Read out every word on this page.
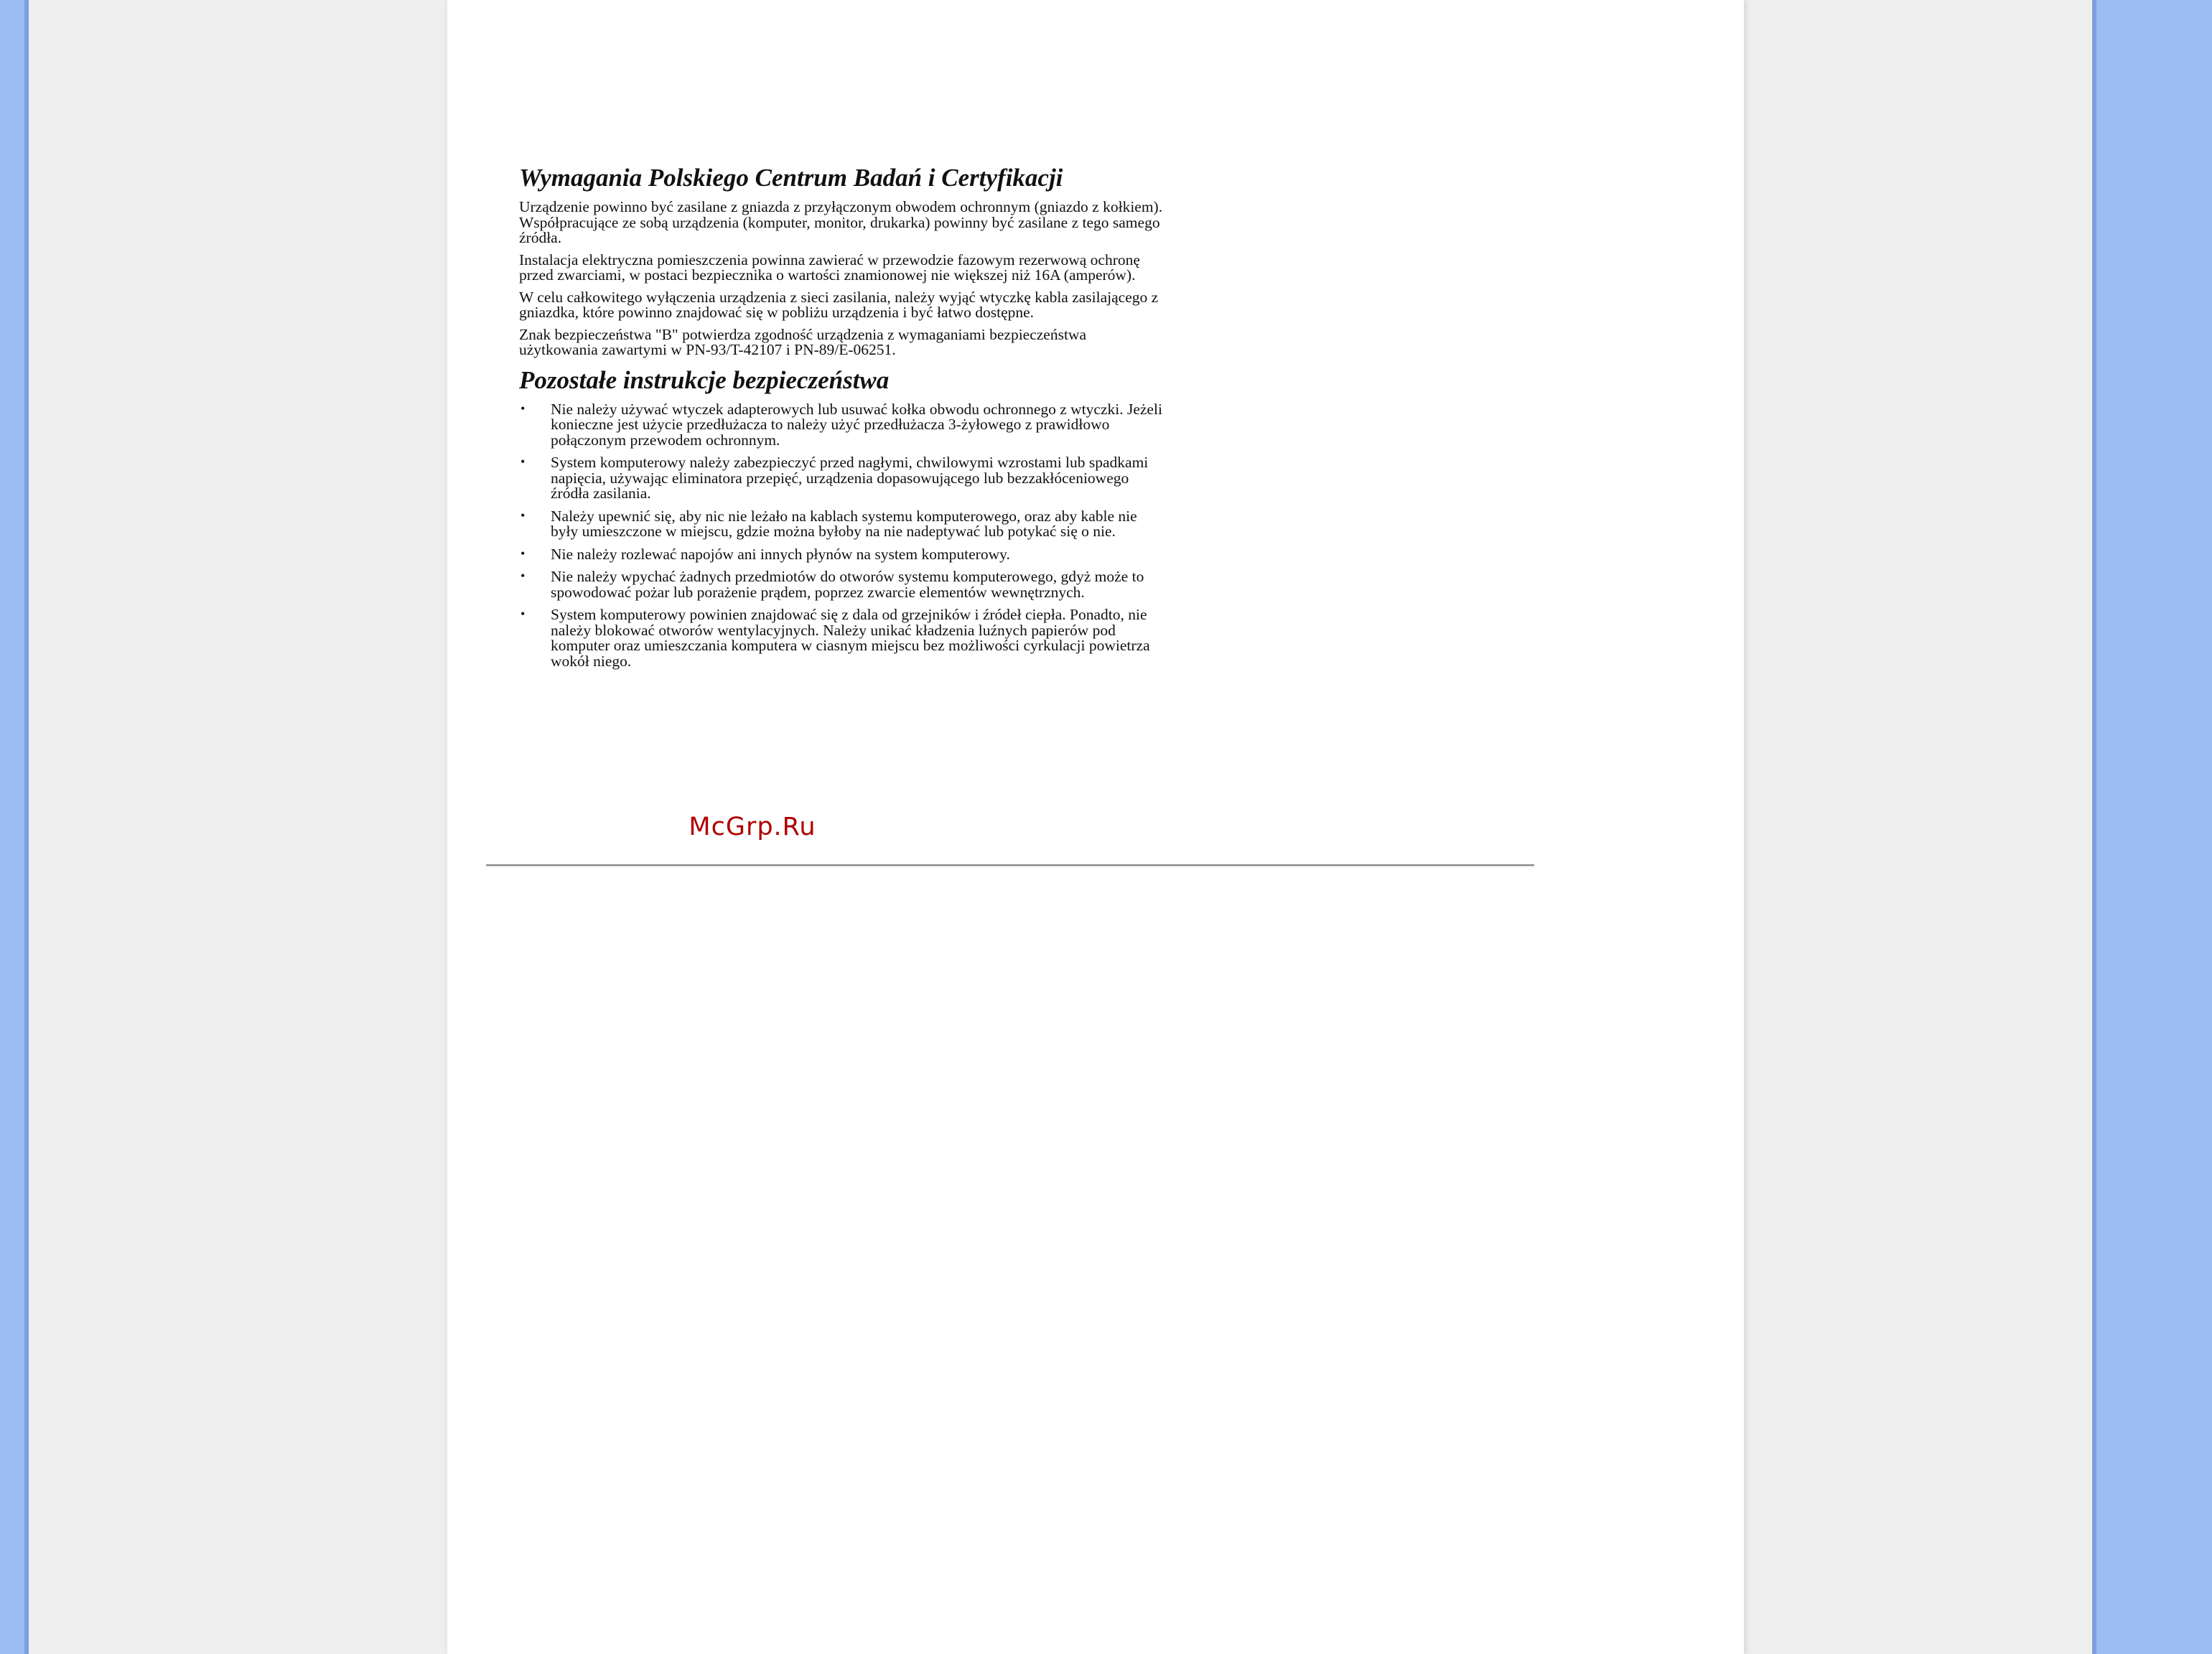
Wymagania Polskiego Centrum Badań i Certyfikacji

Urządzenie powinno być zasilane z gniazda z przyłączonym obwodem ochronnym (gniazdo z kołkiem). Współpracujące ze sobą urządzenia (komputer, monitor, drukarka) powinny być zasilane z tego samego źródła.

Instalacja elektryczna pomieszczenia powinna zawierać w przewodzie fazowym rezerwową ochronę przed zwarciami, w postaci bezpiecznika o wartości znamionowej nie większej niż 16A (amperów).

W celu całkowitego wyłączenia urządzenia z sieci zasilania, należy wyjąć wtyczkę kabla zasilającego z gniazdka, które powinno znajdować się w pobliżu urządzenia i być łatwo dostępne.

Znak bezpieczeństwa "B" potwierdza zgodność urządzenia z wymaganiami bezpieczeństwa użytkowania zawartymi w PN-93/T-42107 i PN-89/E-06251.

Pozostałe instrukcje bezpieczeństwa
• Nie należy używać wtyczek adapterowych lub usuwać kołka obwodu ochronnego z wtyczki. Jeżeli konieczne jest użycie przedłużacza to należy użyć przedłużacza 3-żyłowego z prawidłowo połączonym przewodem ochronnym.
• System komputerowy należy zabezpieczyć przed nagłymi, chwilowymi wzrostami lub spadkami napięcia, używając eliminatora przepięć, urządzenia dopasowującego lub bezzakłóceniowego źródła zasilania.
• Należy upewnić się, aby nic nie leżało na kablach systemu komputerowego, oraz aby kable nie były umieszczone w miejscu, gdzie można byłoby na nie nadeptywać lub potykać się o nie.
• Nie należy rozlewać napojów ani innych płynów na system komputerowy.
• Nie należy wpychać żadnych przedmiotów do otworów systemu komputerowego, gdyż może to spowodować pożar lub porażenie prądem, poprzez zwarcie elementów wewnętrznych.
• System komputerowy powinien znajdować się z dala od grzejników i źródeł ciepła. Ponadto, nie należy blokować otworów wentylacyjnych. Należy unikać kładzenia luźnych papierów pod komputer oraz umieszczania komputera w ciasnym miejscu bez możliwości cyrkulacji powietrza wokół niego.
McGrp.Ru
